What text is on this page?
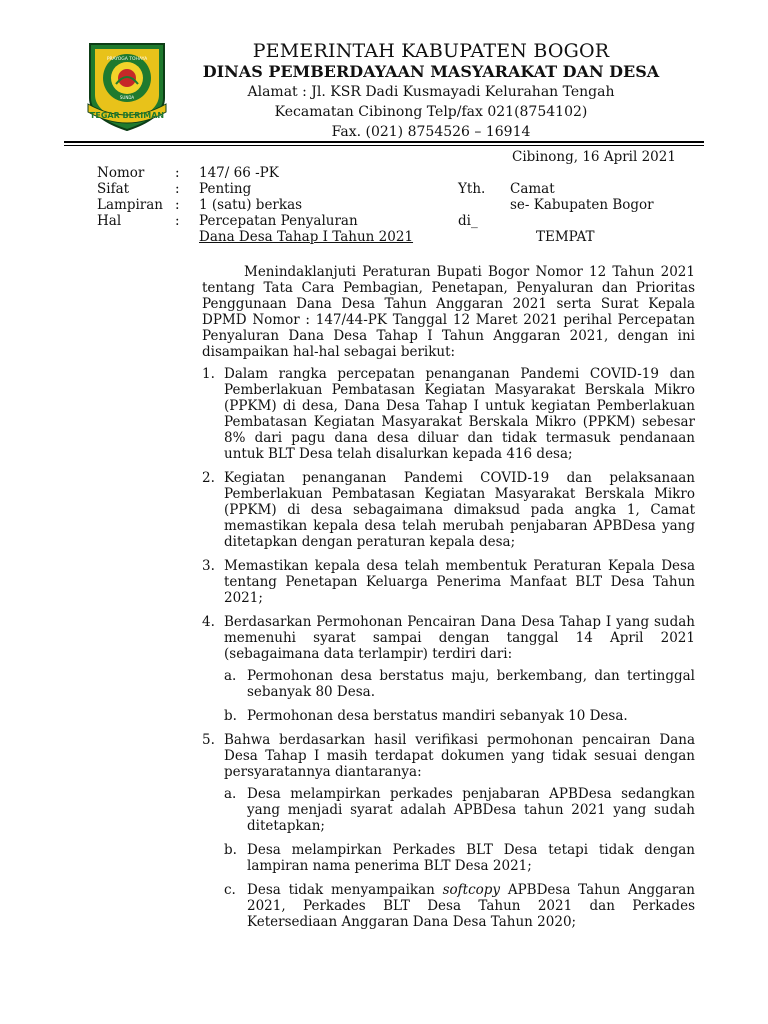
PRAYOGA TOHAYA
SUNDA
TEGAR BERIMAN
PEMERINTAH KABUPATEN BOGOR
DINAS PEMBERDAYAAN MASYARAKAT DAN DESA
Alamat : Jl. KSR Dadi Kusmayadi Kelurahan Tengah
Kecamatan Cibinong Telp/fax 021(8754102)
Fax. (021) 8754526 – 16914
Cibinong, 16 April 2021
Nomor	:	147/ 66 -PK
Sifat	:	Penting
Lampiran :	1 (satu) berkas
Hal	:	Percepatan Penyaluran
Dana Desa Tahap I Tahun 2021
Yth.	Camat
se- Kabupaten Bogor
di_
TEMPAT

Menindaklanjuti Peraturan Bupati Bogor Nomor 12 Tahun 2021 tentang Tata Cara Pembagian, Penetapan, Penyaluran dan Prioritas Penggunaan Dana Desa Tahun Anggaran 2021 serta Surat Kepala DPMD Nomor : 147/44-PK Tanggal 12 Maret 2021 perihal Percepatan Penyaluran Dana Desa Tahap I Tahun Anggaran 2021, dengan ini disampaikan hal-hal sebagai berikut:

1. Dalam rangka percepatan penanganan Pandemi COVID-19 dan Pemberlakuan Pembatasan Kegiatan Masyarakat Berskala Mikro (PPKM) di desa, Dana Desa Tahap I untuk kegiatan Pemberlakuan Pembatasan Kegiatan Masyarakat Berskala Mikro (PPKM) sebesar 8% dari pagu dana desa diluar dan tidak termasuk pendanaan untuk BLT Desa telah disalurkan kepada 416 desa;
2. Kegiatan penanganan Pandemi COVID-19 dan pelaksanaan Pemberlakuan Pembatasan Kegiatan Masyarakat Berskala Mikro (PPKM) di desa sebagaimana dimaksud pada angka 1, Camat memastikan kepala desa telah merubah penjabaran APBDesa yang ditetapkan dengan peraturan kepala desa;
3. Memastikan kepala desa telah membentuk Peraturan Kepala Desa tentang Penetapan Keluarga Penerima Manfaat BLT Desa Tahun 2021;
4. Berdasarkan Permohonan Pencairan Dana Desa Tahap I yang sudah memenuhi syarat sampai dengan tanggal 14 April 2021 (sebagaimana data terlampir) terdiri dari:
a. Permohonan desa berstatus maju, berkembang, dan tertinggal sebanyak 80 Desa.
b. Permohonan desa berstatus mandiri sebanyak 10 Desa.
5. Bahwa berdasarkan hasil verifikasi permohonan pencairan Dana Desa Tahap I masih terdapat dokumen yang tidak sesuai dengan persyaratannya diantaranya:
a. Desa melampirkan perkades penjabaran APBDesa sedangkan yang menjadi syarat adalah APBDesa tahun 2021 yang sudah ditetapkan;
b. Desa melampirkan Perkades BLT Desa tetapi tidak dengan lampiran nama penerima BLT Desa 2021;
c. Desa tidak menyampaikan softcopy APBDesa Tahun Anggaran 2021, Perkades BLT Desa Tahun 2021 dan Perkades Ketersediaan Anggaran Dana Desa Tahun 2020;
